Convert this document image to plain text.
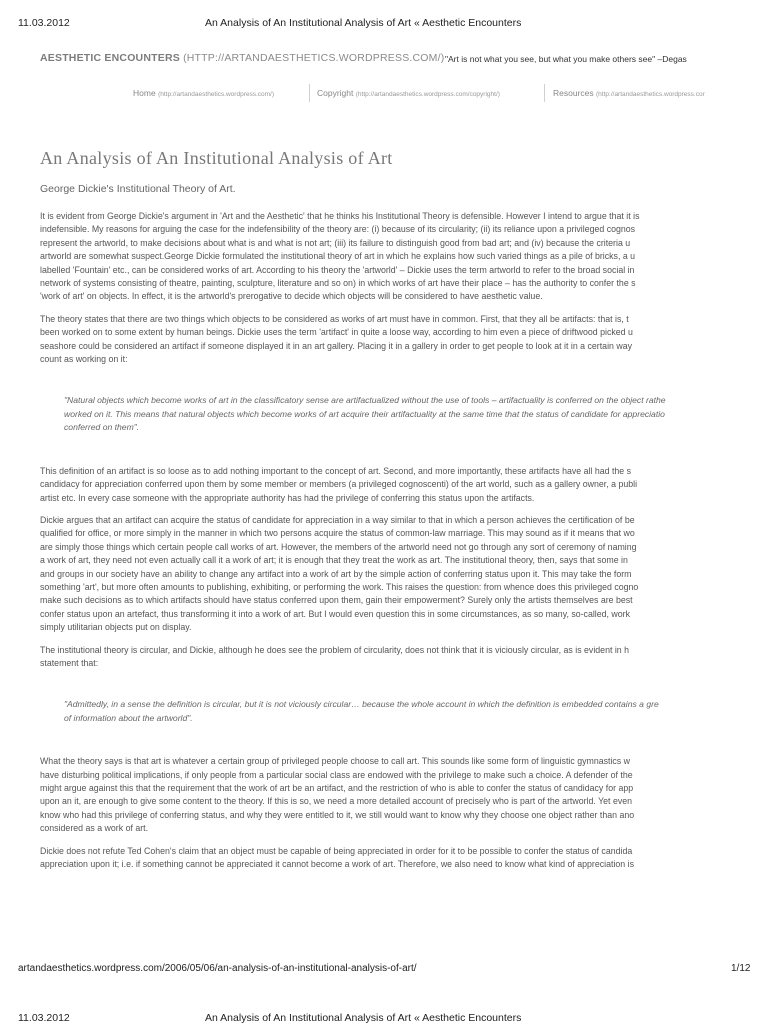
11.03.2012	An Analysis of An Institutional Analysis of Art « Aesthetic Encounters
AESTHETIC ENCOUNTERS (HTTP://ARTANDAESTHETICS.WORDPRESS.COM/) "Art is not what you see, but what you make others see" –Degas
Home (http://artandaesthetics.wordpress.com/)	Copyright (http://artandaesthetics.wordpress.com/copyright/)	Resources (http://artandaesthetics.wordpress.cor
An Analysis of An Institutional Analysis of Art
George Dickie's Institutional Theory of Art.

It is evident from George Dickie's argument in 'Art and the Aesthetic' that he thinks his Institutional Theory is defensible. However I intend to argue that it is
indefensible. My reasons for arguing the case for the indefensibility of the theory are: (i) because of its circularity; (ii) its reliance upon a privileged cognos
represent the artworld, to make decisions about what is and what is not art; (iii) its failure to distinguish good from bad art; and (iv) because the criteria u
artworld are somewhat suspect.George Dickie formulated the institutional theory of art in which he explains how such varied things as a pile of bricks, a u
labelled 'Fountain' etc., can be considered works of art. According to his theory the 'artworld' – Dickie uses the term artworld to refer to the broad social in
network of systems consisting of theatre, painting, sculpture, literature and so on) in which works of art have their place – has the authority to confer the s
'work of art' on objects. In effect, it is the artworld's prerogative to decide which objects will be considered to have aesthetic value.

The theory states that there are two things which objects to be considered as works of art must have in common. First, that they all be artifacts: that is, t
been worked on to some extent by human beings. Dickie uses the term 'artifact' in quite a loose way, according to him even a piece of driftwood picked u
seashore could be considered an artifact if someone displayed it in an art gallery. Placing it in a gallery in order to get people to look at it in a certain way
count as working on it:

"Natural objects which become works of art in the classificatory sense are artifactualized without the use of tools – artifactuality is conferred on the object rathe
worked on it. This means that natural objects which become works of art acquire their artifactuality at the same time that the status of candidate for appreciatio
conferred on them".

This definition of an artifact is so loose as to add nothing important to the concept of art. Second, and more importantly, these artifacts have all had the s
candidacy for appreciation conferred upon them by some member or members (a privileged cognoscenti) of the art world, such as a gallery owner, a publi
artist etc. In every case someone with the appropriate authority has had the privilege of conferring this status upon the artifacts.

Dickie argues that an artifact can acquire the status of candidate for appreciation in a way similar to that in which a person achieves the certification of be
qualified for office, or more simply in the manner in which two persons acquire the status of common-law marriage. This may sound as if it means that wo
are simply those things which certain people call works of art. However, the members of the artworld need not go through any sort of ceremony of naming
a work of art, they need not even actually call it a work of art; it is enough that they treat the work as art. The institutional theory, then, says that some in
and groups in our society have an ability to change any artifact into a work of art by the simple action of conferring status upon it. This may take the form
something 'art', but more often amounts to publishing, exhibiting, or performing the work. This raises the question: from whence does this privileged cogno
make such decisions as to which artifacts should have status conferred upon them, gain their empowerment? Surely only the artists themselves are best
confer status upon an artefact, thus transforming it into a work of art. But I would even question this in some circumstances, as so many, so-called, work
simply utilitarian objects put on display.

The institutional theory is circular, and Dickie, although he does see the problem of circularity, does not think that it is viciously circular, as is evident in h
statement that:

"Admittedly, in a sense the definition is circular, but it is not viciously circular… because the whole account in which the definition is embedded contains a gre
of information about the artworld".

What the theory says is that art is whatever a certain group of privileged people choose to call art. This sounds like some form of linguistic gymnastics w
have disturbing political implications, if only people from a particular social class are endowed with the privilege to make such a choice. A defender of the
might argue against this that the requirement that the work of art be an artifact, and the restriction of who is able to confer the status of candidacy for app
upon an it, are enough to give some content to the theory. If this is so, we need a more detailed account of precisely who is part of the artworld. Yet even
know who had this privilege of conferring status, and why they were entitled to it, we still would want to know why they choose one object rather than ano
considered as a work of art.

Dickie does not refute Ted Cohen's claim that an object must be capable of being appreciated in order for it to be possible to confer the status of candida
appreciation upon it; i.e. if something cannot be appreciated it cannot become a work of art. Therefore, we also need to know what kind of appreciation is

artandaesthetics.wordpress.com/2006/05/06/an-analysis-of-an-institutional-analysis-of-art/	1/12
11.03.2012	An Analysis of An Institutional Analysis of Art « Aesthetic Encounters
